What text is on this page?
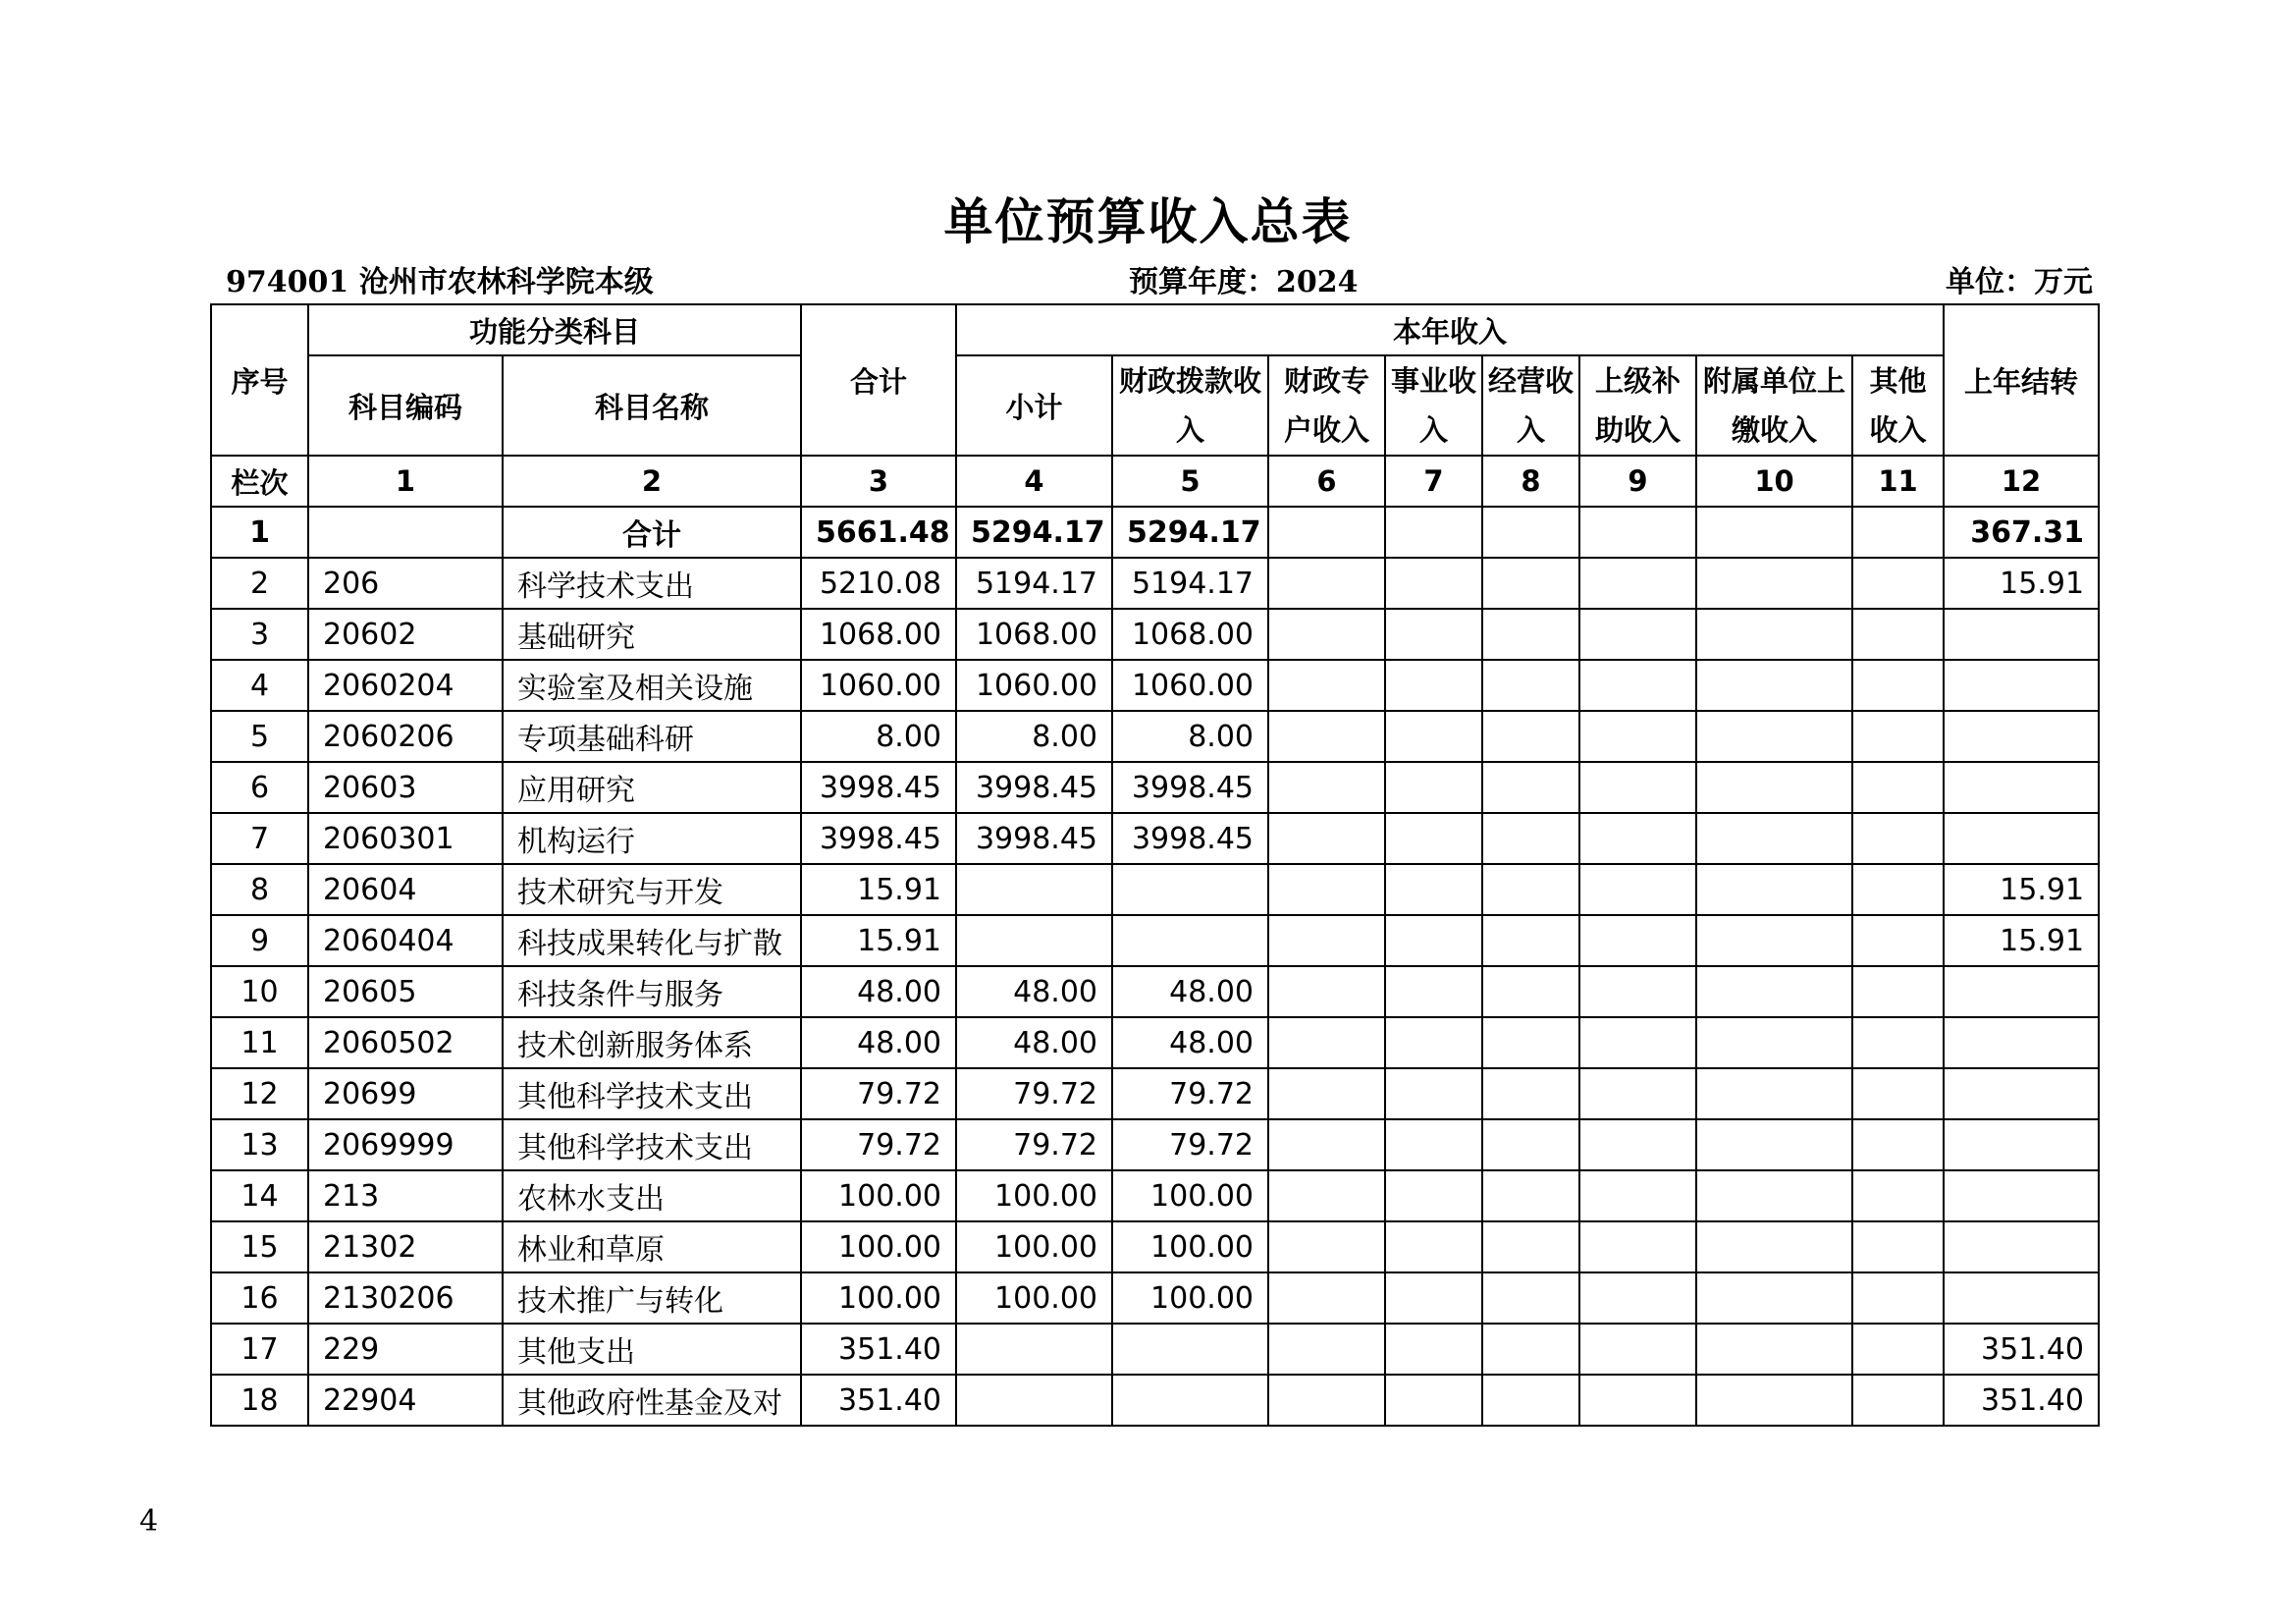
单位预算收入总表
974001 沧州市农林科学院本级	预算年度：2024	单位：万元
序号	功能分类科目		合计	本年收入								上年结转
	科目编码	科目名称		小计	财政拨款收入	财政专户收入	事业收入	经营收入	上级补助收入	附属单位上缴收入	其他收入	
栏次	1	2	3	4	5	6	7	8	9	10	11	12
1		合计	5661.48	5294.17	5294.17							367.31
2	206	科学技术支出	5210.08	5194.17	5194.17							15.91
3	20602	基础研究	1068.00	1068.00	1068.00							
4	2060204	实验室及相关设施	1060.00	1060.00	1060.00							
5	2060206	专项基础科研	8.00	8.00	8.00							
6	20603	应用研究	3998.45	3998.45	3998.45							
7	2060301	机构运行	3998.45	3998.45	3998.45							
8	20604	技术研究与开发	15.91									15.91
9	2060404	科技成果转化与扩散	15.91									15.91
10	20605	科技条件与服务	48.00	48.00	48.00							
11	2060502	技术创新服务体系	48.00	48.00	48.00							
12	20699	其他科学技术支出	79.72	79.72	79.72							
13	2069999	其他科学技术支出	79.72	79.72	79.72							
14	213	农林水支出	100.00	100.00	100.00							
15	21302	林业和草原	100.00	100.00	100.00							
16	2130206	技术推广与转化	100.00	100.00	100.00							
17	229	其他支出	351.40									351.40
18	22904	其他政府性基金及对	351.40									351.40
4
